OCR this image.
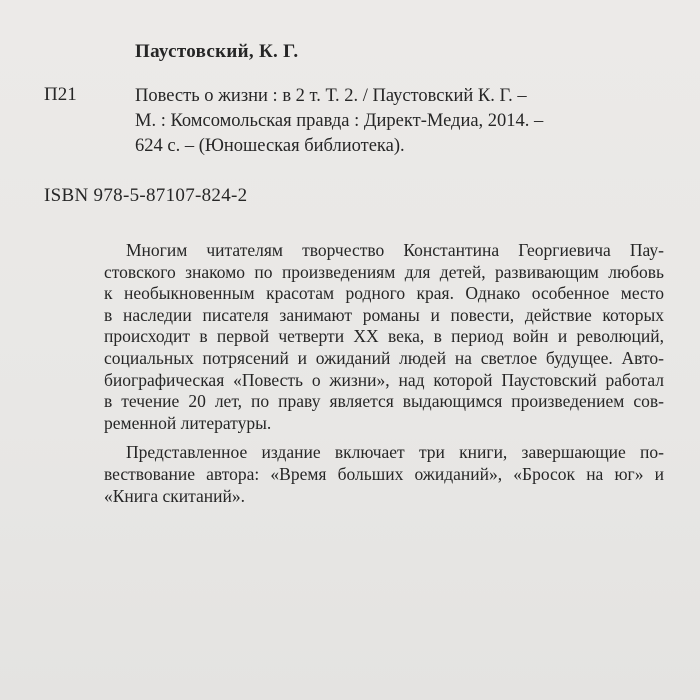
Паустовский, К. Г.
П21	Повесть о жизни : в 2 т. Т. 2. / Паустовский К. Г. –
М. : Комсомольская правда : Директ-Медиа, 2014. –
624 с. – (Юношеская библиотека).
ISBN 978-5-87107-824-2
Многим читателям творчество Константина Георгиевича Пау-
стовского знакомо по произведениям для детей, развивающим любовь
к необыкновенным красотам родного края. Однако особенное место
в наследии писателя занимают романы и повести, действие которых
происходит в первой четверти XX века, в период войн и революций,
социальных потрясений и ожиданий людей на светлое будущее. Авто-
биографическая «Повесть о жизни», над которой Паустовский работал
в течение 20 лет, по праву является выдающимся произведением сов-
ременной литературы.
Представленное издание включает три книги, завершающие по-
вествование автора: «Время больших ожиданий», «Бросок на юг» и
«Книга скитаний».
